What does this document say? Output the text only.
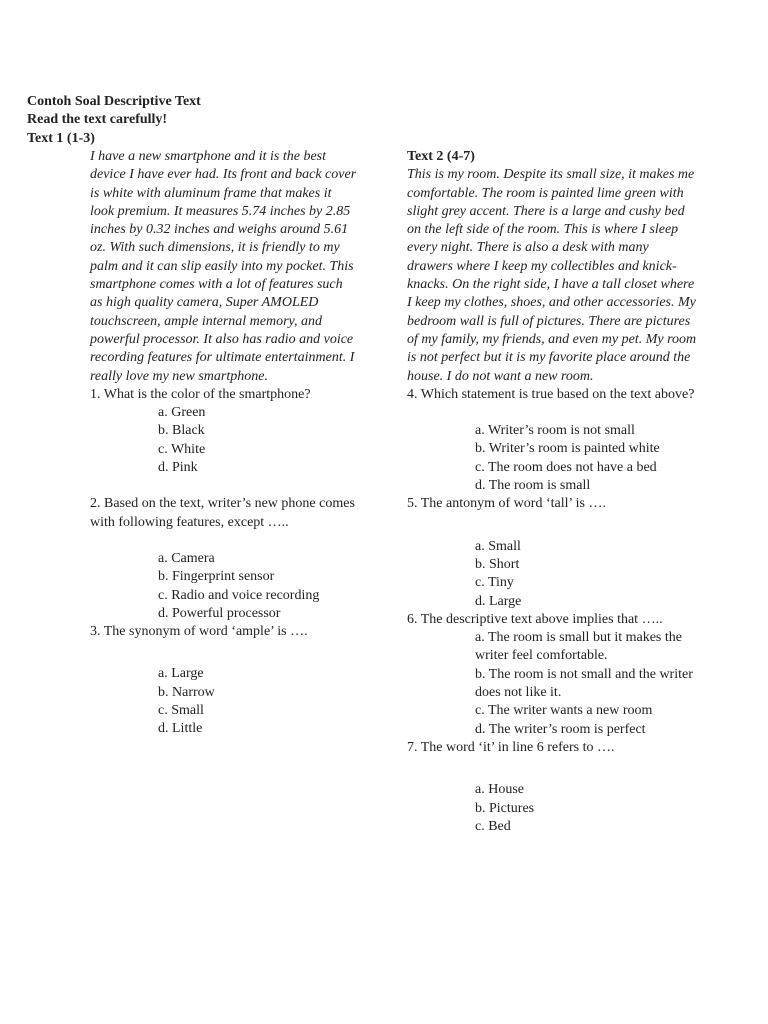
Contoh Soal Descriptive Text
Read the text carefully!
Text 1 (1-3)

I have a new smartphone and it is the best device I have ever had. Its front and back cover is white with aluminum frame that makes it look premium. It measures 5.74 inches by 2.85 inches by 0.32 inches and weighs around 5.61 oz. With such dimensions, it is friendly to my palm and it can slip easily into my pocket. This smartphone comes with a lot of features such as high quality camera, Super AMOLED touchscreen, ample internal memory, and powerful processor. It also has radio and voice recording features for ultimate entertainment. I really love my new smartphone.

1. What is the color of the smartphone?

a. Green
b. Black
c. White
d. Pink

2. Based on the text, writer’s new phone comes with following features, except …..

a. Camera
b. Fingerprint sensor
c. Radio and voice recording
d. Powerful processor

3. The synonym of word ‘ample’ is ….

a. Large
b. Narrow
c. Small
d. Little
Text 2 (4-7)

This is my room. Despite its small size, it makes me comfortable. The room is painted lime green with slight grey accent. There is a large and cushy bed on the left side of the room. This is where I sleep every night. There is also a desk with many drawers where I keep my collectibles and knick-knacks. On the right side, I have a tall closet where I keep my clothes, shoes, and other accessories. My bedroom wall is full of pictures. There are pictures of my family, my friends, and even my pet. My room is not perfect but it is my favorite place around the house. I do not want a new room.

4. Which statement is true based on the text above?

a. Writer’s room is not small
b. Writer’s room is painted white
c. The room does not have a bed
d. The room is small

5. The antonym of word ‘tall’ is ….

a. Small
b. Short
c. Tiny
d. Large

6. The descriptive text above implies that …..

a. The room is small but it makes the writer feel comfortable.
b. The room is not small and the writer does not like it.
c. The writer wants a new room
d. The writer’s room is perfect

7. The word ‘it’ in line 6 refers to ….

a. House
b. Pictures
c. Bed
